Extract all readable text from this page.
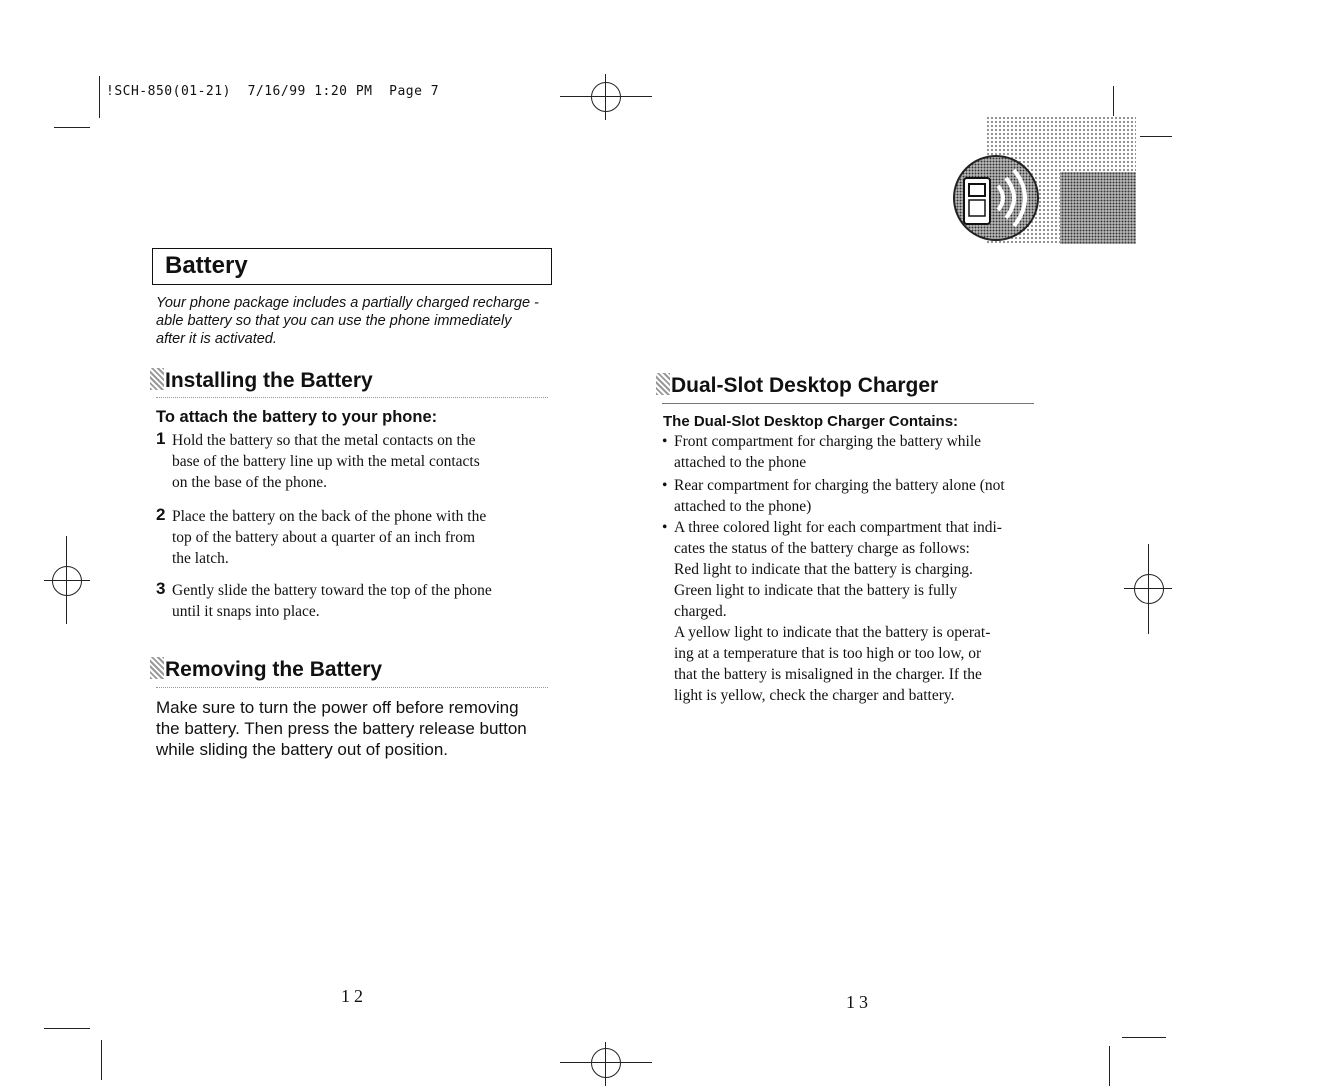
!SCH-850(01-21) 7/16/99 1:20 PM Page 7
Battery
Your phone package includes a partially charged recharge -
able battery so that you can use the phone immediately
after it is activated.
Installing the Battery
To attach the battery to your phone:
1 Hold the battery so that the metal contacts on the
base of the battery line up with the metal contacts
on the base of the phone.
2 Place the battery on the back of the phone with the
top of the battery about a quarter of an inch from
the latch.
3 Gently slide the battery toward the top of the phone
until it snaps into place.
Removing the Battery
Make sure to turn the power off before removing
the battery. Then press the battery release button
while sliding the battery out of position.
12
Dual-Slot Desktop Charger
The Dual-Slot Desktop Charger Contains:
• Front compartment for charging the battery while
attached to the phone
• Rear compartment for charging the battery alone (not
attached to the phone)
• A three colored light for each compartment that indi-
cates the status of the battery charge as follows:
Red light to indicate that the battery is charging.
Green light to indicate that the battery is fully
charged.
A yellow light to indicate that the battery is operat-
ing at a temperature that is too high or too low, or
that the battery is misaligned in the charger. If the
light is yellow, check the charger and battery.
13
